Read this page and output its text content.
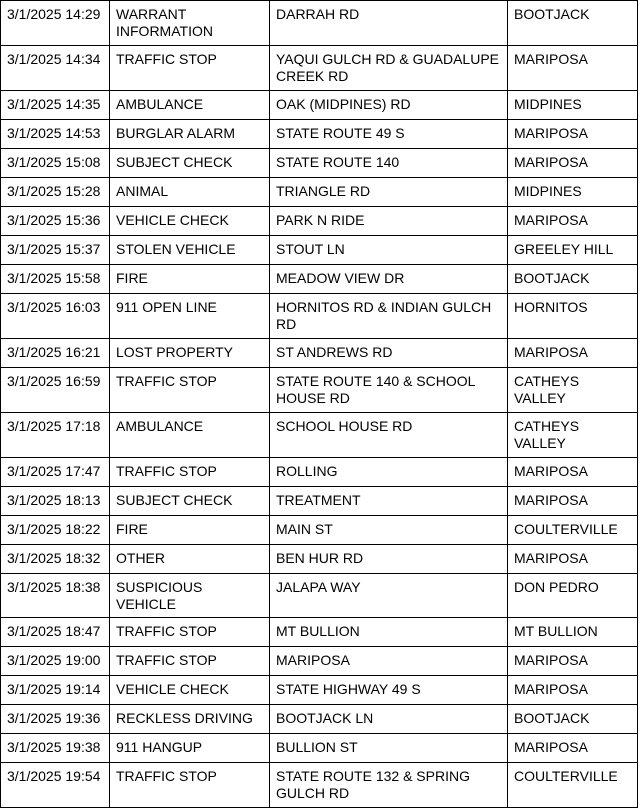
3/1/2025 14:29	WARRANT INFORMATION	DARRAH RD	BOOTJACK
3/1/2025 14:34	TRAFFIC STOP	YAQUI GULCH RD & GUADALUPE CREEK RD	MARIPOSA
3/1/2025 14:35	AMBULANCE	OAK (MIDPINES) RD	MIDPINES
3/1/2025 14:53	BURGLAR ALARM	STATE ROUTE 49 S	MARIPOSA
3/1/2025 15:08	SUBJECT CHECK	STATE ROUTE 140	MARIPOSA
3/1/2025 15:28	ANIMAL	TRIANGLE RD	MIDPINES
3/1/2025 15:36	VEHICLE CHECK	PARK N RIDE	MARIPOSA
3/1/2025 15:37	STOLEN VEHICLE	STOUT LN	GREELEY HILL
3/1/2025 15:58	FIRE	MEADOW VIEW DR	BOOTJACK
3/1/2025 16:03	911 OPEN LINE	HORNITOS RD & INDIAN GULCH RD	HORNITOS
3/1/2025 16:21	LOST PROPERTY	ST ANDREWS RD	MARIPOSA
3/1/2025 16:59	TRAFFIC STOP	STATE ROUTE 140 & SCHOOL HOUSE RD	CATHEYS VALLEY
3/1/2025 17:18	AMBULANCE	SCHOOL HOUSE RD	CATHEYS VALLEY
3/1/2025 17:47	TRAFFIC STOP	ROLLING	MARIPOSA
3/1/2025 18:13	SUBJECT CHECK	TREATMENT	MARIPOSA
3/1/2025 18:22	FIRE	MAIN ST	COULTERVILLE
3/1/2025 18:32	OTHER	BEN HUR RD	MARIPOSA
3/1/2025 18:38	SUSPICIOUS VEHICLE	JALAPA WAY	DON PEDRO
3/1/2025 18:47	TRAFFIC STOP	MT BULLION	MT BULLION
3/1/2025 19:00	TRAFFIC STOP	MARIPOSA	MARIPOSA
3/1/2025 19:14	VEHICLE CHECK	STATE HIGHWAY 49 S	MARIPOSA
3/1/2025 19:36	RECKLESS DRIVING	BOOTJACK LN	BOOTJACK
3/1/2025 19:38	911 HANGUP	BULLION ST	MARIPOSA
3/1/2025 19:54	TRAFFIC STOP	STATE ROUTE 132 & SPRING GULCH RD	COULTERVILLE
